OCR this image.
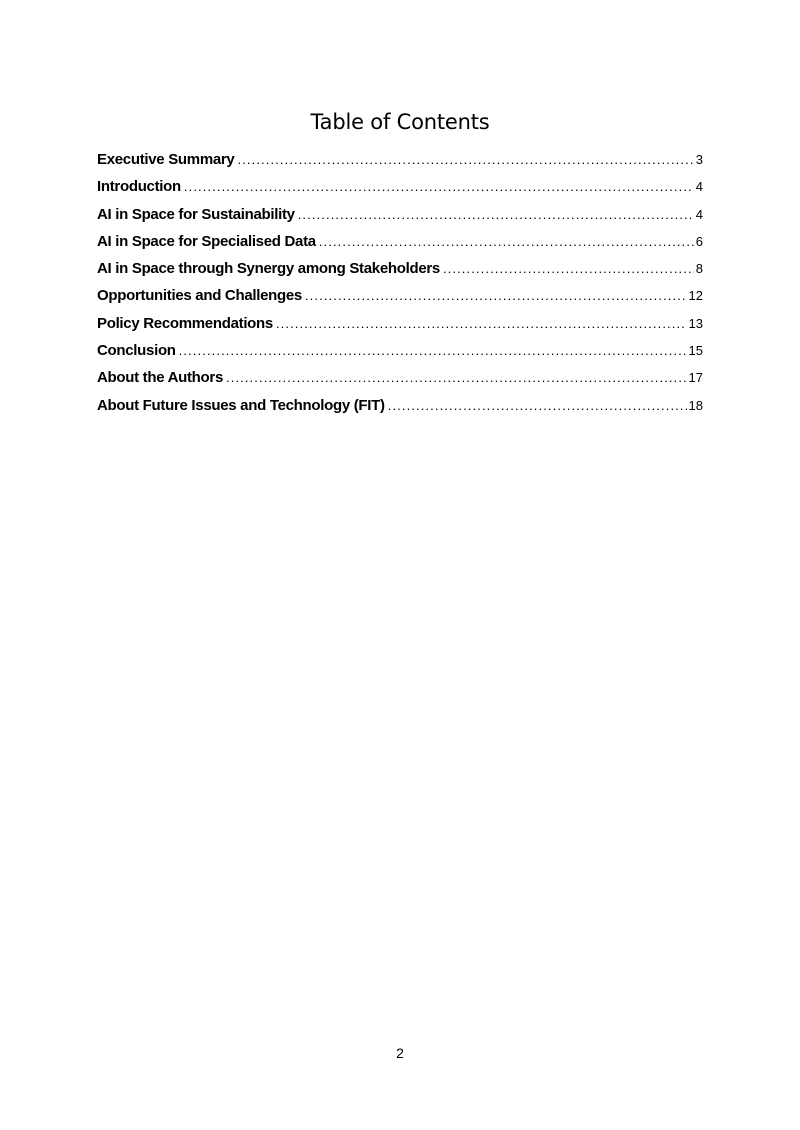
Table of Contents
Executive Summary .....	3
Introduction .....	4
AI in Space for Sustainability .....	4
AI in Space for Specialised Data .....	6
AI in Space through Synergy among Stakeholders .....	8
Opportunities and Challenges .....	12
Policy Recommendations .....	13
Conclusion .....	15
About the Authors .....	17
About Future Issues and Technology (FIT) .....	18
2
